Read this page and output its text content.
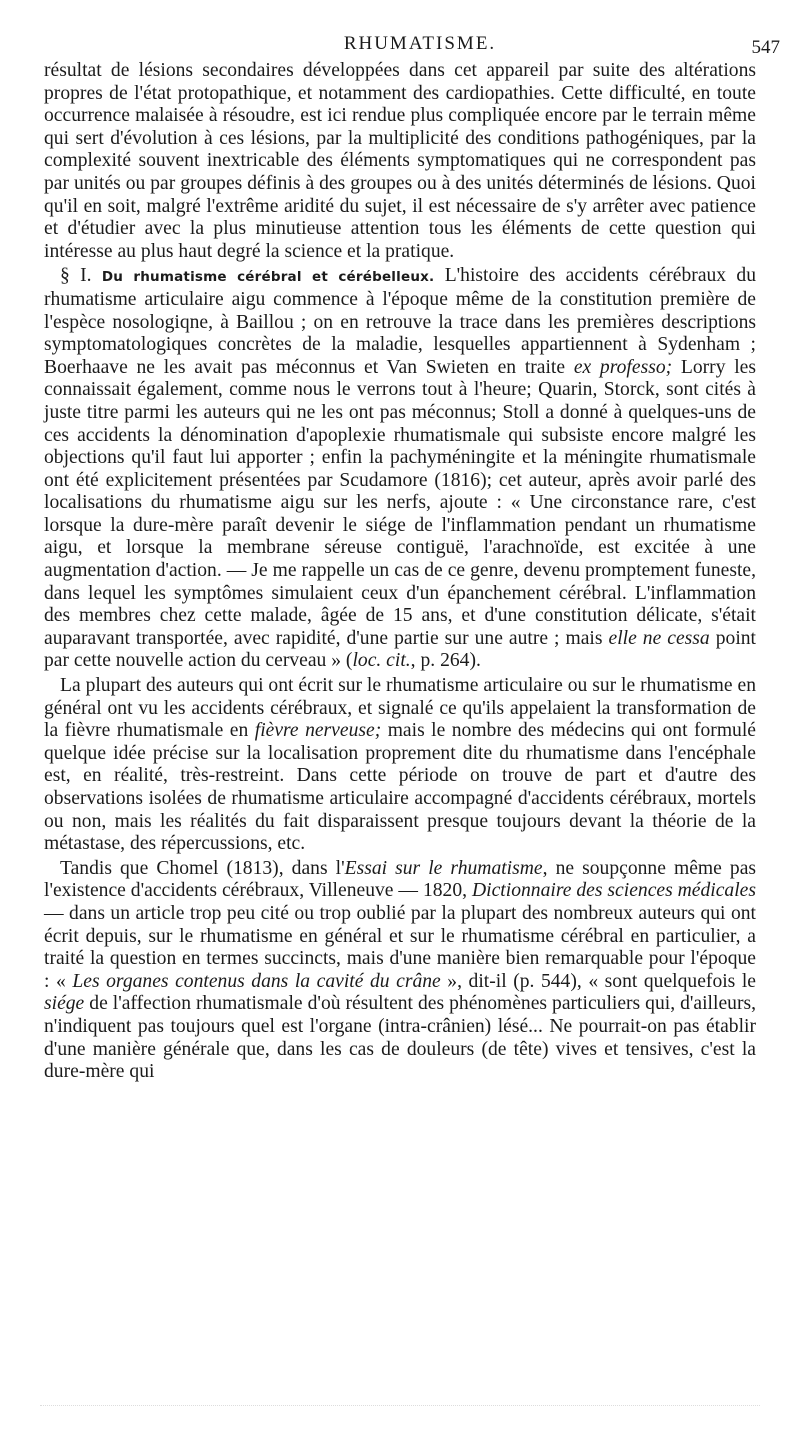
RHUMATISME.	547

résultat de lésions secondaires développées dans cet appareil par suite des altérations propres de l'état protopathique, et notamment des cardiopathies. Cette difficulté, en toute occurrence malaisée à résoudre, est ici rendue plus compliquée encore par le terrain même qui sert d'évolution à ces lésions, par la multiplicité des conditions pathogéniques, par la complexité souvent inextricable des éléments symptomatiques qui ne correspondent pas par unités ou par groupes définis à des groupes ou à des unités déterminés de lésions. Quoi qu'il en soit, malgré l'extrême aridité du sujet, il est nécessaire de s'y arrêter avec patience et d'étudier avec la plus minutieuse attention tous les éléments de cette question qui intéresse au plus haut degré la science et la pratique.

§ I. Du rhumatisme cérébral et cérébelleux. L'histoire des accidents cérébraux du rhumatisme articulaire aigu commence à l'époque même de la constitution première de l'espèce nosologiqne, à Baillou ; on en retrouve la trace dans les premières descriptions symptomatologiques concrètes de la maladie, lesquelles appartiennent à Sydenham ; Boerhaave ne les avait pas méconnus et Van Swieten en traite ex professo; Lorry les connaissait également, comme nous le verrons tout à l'heure; Quarin, Storck, sont cités à juste titre parmi les auteurs qui ne les ont pas méconnus; Stoll a donné à quelques-uns de ces accidents la dénomination d'apoplexie rhumatismale qui subsiste encore malgré les objections qu'il faut lui apporter ; enfin la pachyméningite et la méningite rhumatismale ont été explicitement présentées par Scudamore (1816); cet auteur, après avoir parlé des localisations du rhumatisme aigu sur les nerfs, ajoute : « Une circonstance rare, c'est lorsque la dure-mère paraît devenir le siége de l'inflammation pendant un rhumatisme aigu, et lorsque la membrane séreuse contiguë, l'arachnoïde, est excitée à une augmentation d'action. — Je me rappelle un cas de ce genre, devenu promptement funeste, dans lequel les symptômes simulaient ceux d'un épanchement cérébral. L'inflammation des membres chez cette malade, âgée de 15 ans, et d'une constitution délicate, s'était auparavant transportée, avec rapidité, d'une partie sur une autre ; mais elle ne cessa point par cette nouvelle action du cerveau » (loc. cit., p. 264).

La plupart des auteurs qui ont écrit sur le rhumatisme articulaire ou sur le rhumatisme en général ont vu les accidents cérébraux, et signalé ce qu'ils appelaient la transformation de la fièvre rhumatismale en fièvre nerveuse; mais le nombre des médecins qui ont formulé quelque idée précise sur la localisation proprement dite du rhumatisme dans l'encéphale est, en réalité, très-restreint. Dans cette période on trouve de part et d'autre des observations isolées de rhumatisme articulaire accompagné d'accidents cérébraux, mortels ou non, mais les réalités du fait disparaissent presque toujours devant la théorie de la métastase, des répercussions, etc.

Tandis que Chomel (1813), dans l'Essai sur le rhumatisme, ne soupçonne même pas l'existence d'accidents cérébraux, Villeneuve — 1820, Dictionnaire des sciences médicales — dans un article trop peu cité ou trop oublié par la plupart des nombreux auteurs qui ont écrit depuis, sur le rhumatisme en général et sur le rhumatisme cérébral en particulier, a traité la question en termes succincts, mais d'une manière bien remarquable pour l'époque : « Les organes contenus dans la cavité du crâne », dit-il (p. 544), « sont quelquefois le siége de l'affection rhumatismale d'où résultent des phénomènes particuliers qui, d'ailleurs, n'indiquent pas toujours quel est l'organe (intra-crânien) lésé... Ne pourrait-on pas établir d'une manière générale que, dans les cas de douleurs (de tête) vives et tensives, c'est la dure-mère qui
